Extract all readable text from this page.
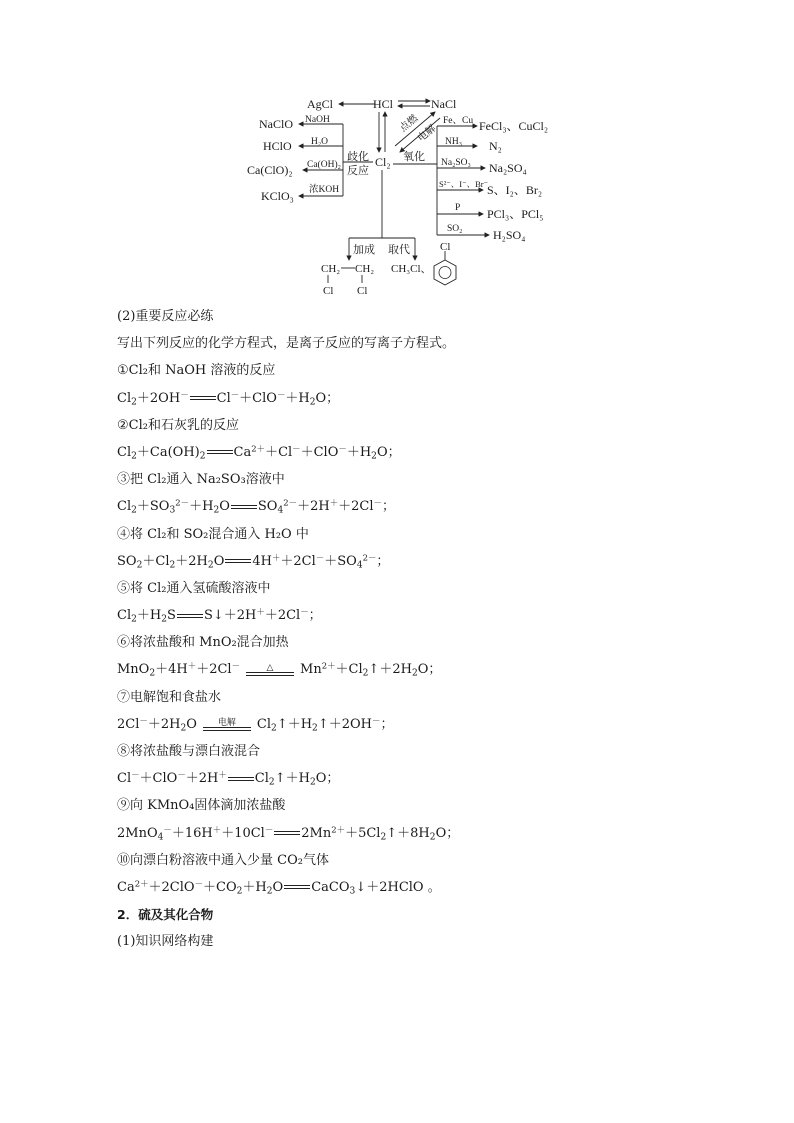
AgCl	HCl	NaCl
点燃
电解
Cl₂
歧化
反应
NaOH
NaClO
H₂O
HClO
Ca(OH)₂
Ca(ClO)₂
浓KOH
KClO₃
氧化
Fe、Cu FeCl₃、CuCl₂
NH₃ N₂
Na₂SO₃ Na₂SO₄
S²⁻、I⁻、Br⁻
S、I₂、Br₂
P PCl₃、PCl₅
SO₂	H₂SO₄
加成 取代
CH₂ CH₂
Cl Cl
CH₃Cl、
Cl
(2)重要反应必练
写出下列反应的化学方程式，是离子反应的写离子方程式。
①Cl₂和 NaOH 溶液的反应
$Cl_2+2OH^-$ $Cl^-+ClO^-+H_2O$；
②Cl₂和石灰乳的反应
$Cl_2+Ca(OH)_2$ $Ca^{2+}+Cl^-+ClO^-+H_2O$；
③把 Cl₂通入 Na₂SO₃溶液中
$Cl_2+SO_3^{2-}+H_2O$ $SO_4^{2-}+2H^++2Cl^-$；
④将 Cl₂和 SO₂混合通入 H₂O 中
$SO_2+Cl_2+2H_2O$ $4H^++2Cl^-+SO_4^{2-}$；
⑤将 Cl₂通入氢硫酸溶液中
$Cl_2+H_2S$ S↓＋2H＋＋2Cl－；
⑥将浓盐酸和 MnO₂混合加热
MnO$_2$＋4H＋＋2Cl－	△	$Mn^{2+}+Cl_2↑+2H_2O$；
⑦电解饱和食盐水
$2Cl^-+2H_2O$	电解	$Cl_2↑+H_2↑+2OH^-$；
⑧将浓盐酸与漂白液混合
Cl－＋ClO－＋2H＋ $Cl_2↑+H_2O$；
⑨向 KMnO₄固体滴加浓盐酸
2MnO$_4$－＋16H＋＋10Cl－ $2Mn^{2+}+5Cl_2↑+8H_2O$；
⑩向漂白粉溶液中通入少量 CO₂气体
$Ca^{2+}+2ClO^-+CO_2+H_2O$ CaCO$_3$↓＋2HClO 。
2．硫及其化合物
(1)知识网络构建
